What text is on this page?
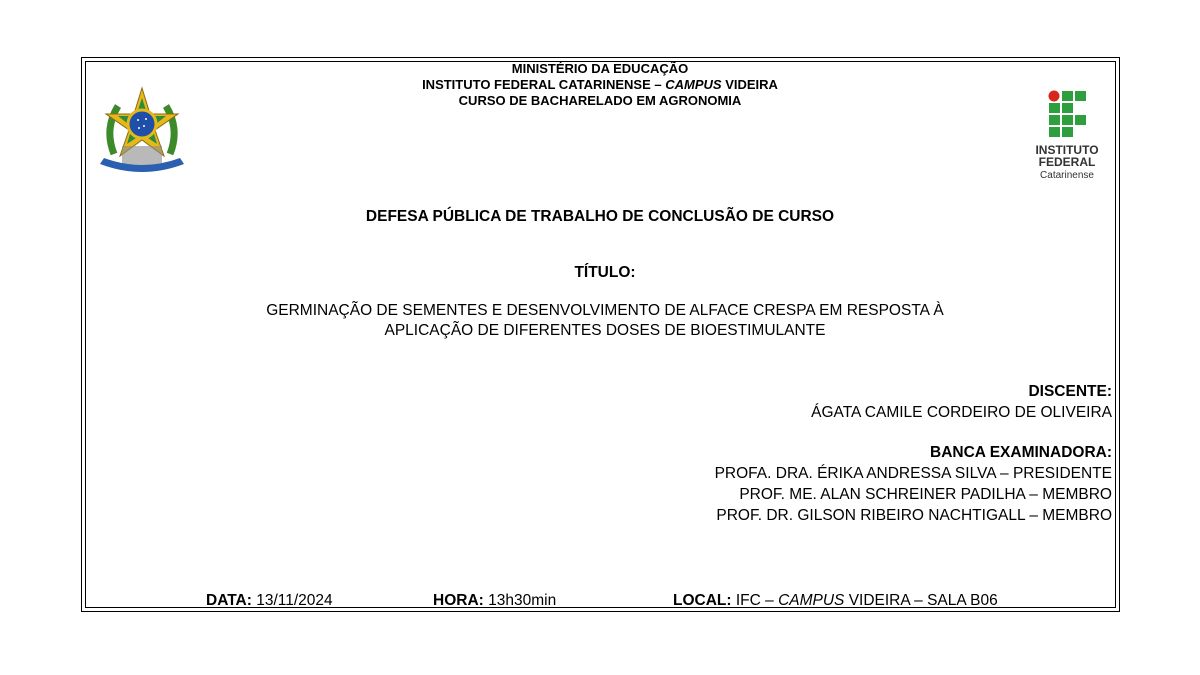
MINISTÉRIO DA EDUCAÇÃO
INSTITUTO FEDERAL CATARINENSE – CAMPUS VIDEIRA
CURSO DE BACHARELADO EM AGRONOMIA
INSTITUTO
FEDERAL
Catarinense
DEFESA PÚBLICA DE TRABALHO DE CONCLUSÃO DE CURSO
TÍTULO:
GERMINAÇÃO DE SEMENTES E DESENVOLVIMENTO DE ALFACE CRESPA EM RESPOSTA À
APLICAÇÃO DE DIFERENTES DOSES DE BIOESTIMULANTE
DISCENTE:
ÁGATA CAMILE CORDEIRO DE OLIVEIRA
BANCA EXAMINADORA:
PROFA. DRA. ÉRIKA ANDRESSA SILVA – PRESIDENTE
PROF. ME. ALAN SCHREINER PADILHA – MEMBRO
PROF. DR. GILSON RIBEIRO NACHTIGALL – MEMBRO
DATA: 13/11/2024	HORA: 13h30min	LOCAL: IFC – CAMPUS VIDEIRA – SALA B06
